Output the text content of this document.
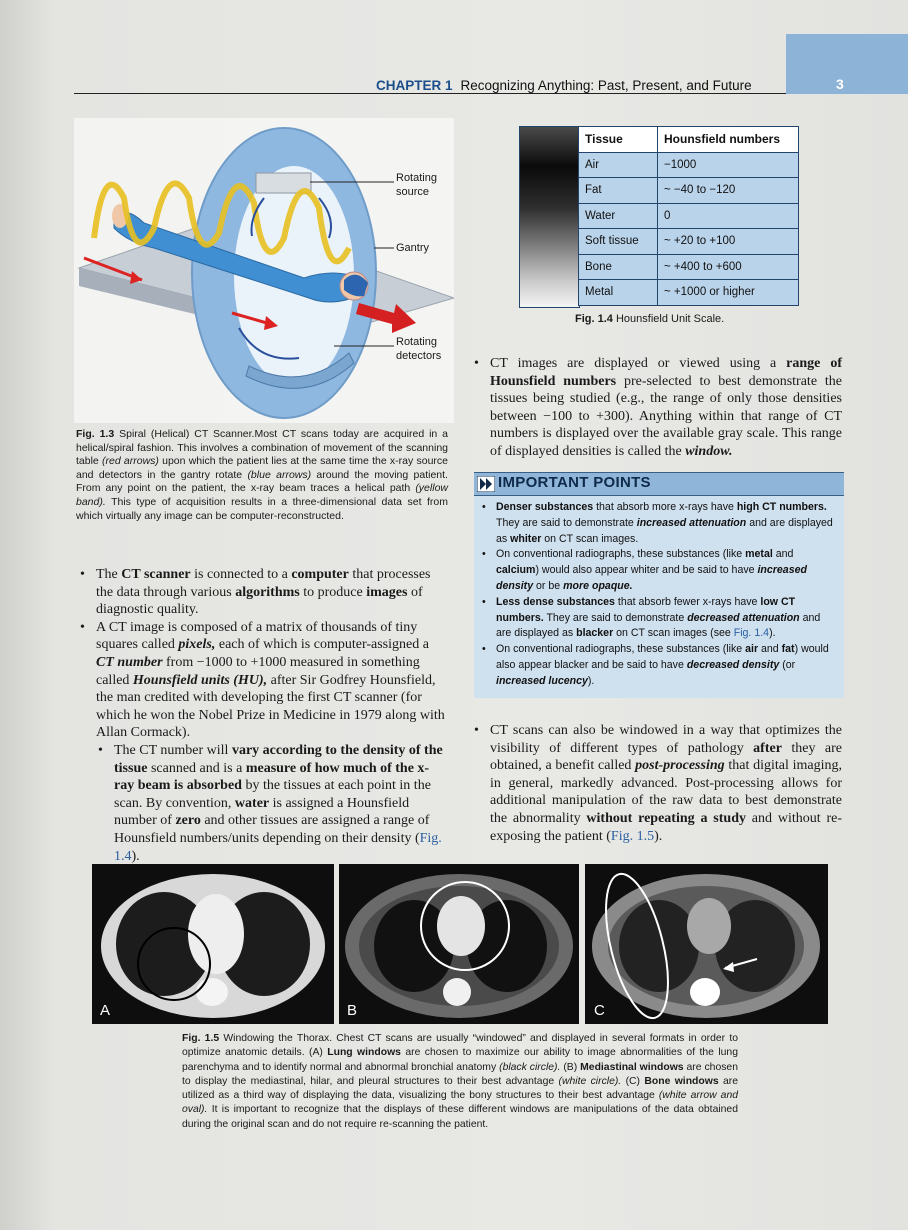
3
CHAPTER 1 Recognizing Anything: Past, Present, and Future
Rotating source
Gantry
Rotating detectors
Fig. 1.3 Spiral (Helical) CT Scanner.Most CT scans today are acquired in a helical/spiral fashion. This involves a combination of movement of the scanning table (red arrows) upon which the patient lies at the same time the x-ray source and detectors in the gantry rotate (blue arrows) around the moving patient. From any point on the patient, the x-ray beam traces a helical path (yellow band). This type of acquisition results in a three-dimensional data set from which virtually any image can be computer-reconstructed.
• The CT scanner is connected to a computer that processes the data through various algorithms to produce images of diagnostic quality.
• A CT image is composed of a matrix of thousands of tiny squares called pixels, each of which is computer-assigned a CT number from −1000 to +1000 measured in something called Hounsfield units (HU), after Sir Godfrey Hounsfield, the man credited with developing the first CT scanner (for which he won the Nobel Prize in Medicine in 1979 along with Allan Cormack).
• The CT number will vary according to the density of the tissue scanned and is a measure of how much of the x-ray beam is absorbed by the tissues at each point in the scan. By convention, water is assigned a Hounsfield number of zero and other tissues are assigned a range of Hounsfield numbers/units depending on their density (Fig. 1.4).
Tissue	Hounsfield numbers
Air	−1000
Fat	~ −40 to −120
Water	0
Soft tissue	~ +20 to +100
Bone	~ +400 to +600
Metal	~ +1000 or higher
Fig. 1.4 Hounsfield Unit Scale.
• CT images are displayed or viewed using a range of Hounsfield numbers pre-selected to best demonstrate the tissues being studied (e.g., the range of only those densities between −100 to +300). Anything within that range of CT numbers is displayed over the available gray scale. This range of displayed densities is called the window.
IMPORTANT POINTS
• Denser substances that absorb more x-rays have high CT numbers. They are said to demonstrate increased attenuation and are displayed as whiter on CT scan images.
• On conventional radiographs, these substances (like metal and calcium) would also appear whiter and be said to have increased density or be more opaque.
• Less dense substances that absorb fewer x-rays have low CT numbers. They are said to demonstrate decreased attenuation and are displayed as blacker on CT scan images (see Fig. 1.4).
• On conventional radiographs, these substances (like air and fat) would also appear blacker and be said to have decreased density (or increased lucency).
• CT scans can also be windowed in a way that optimizes the visibility of different types of pathology after they are obtained, a benefit called post-processing that digital imaging, in general, markedly advanced. Post-processing allows for additional manipulation of the raw data to best demonstrate the abnormality without repeating a study and without re-exposing the patient (Fig. 1.5).
A	B	C
Fig. 1.5 Windowing the Thorax. Chest CT scans are usually “windowed” and displayed in several formats in order to optimize anatomic details. (A) Lung windows are chosen to maximize our ability to image abnormalities of the lung parenchyma and to identify normal and abnormal bronchial anatomy (black circle). (B) Mediastinal windows are chosen to display the mediastinal, hilar, and pleural structures to their best advantage (white circle). (C) Bone windows are utilized as a third way of displaying the data, visualizing the bony structures to their best advantage (white arrow and oval). It is important to recognize that the displays of these different windows are manipulations of the data obtained during the original scan and do not require re-scanning the patient.
